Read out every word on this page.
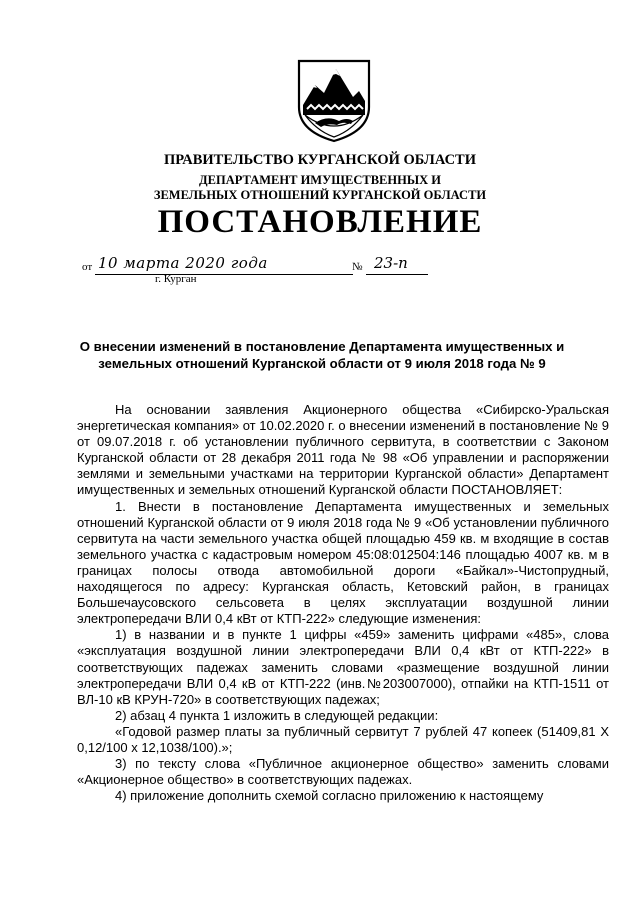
ПРАВИТЕЛЬСТВО КУРГАНСКОЙ ОБЛАСТИ
ДЕПАРТАМЕНТ ИМУЩЕСТВЕННЫХ И
ЗЕМЕЛЬНЫХ ОТНОШЕНИЙ КУРГАНСКОЙ ОБЛАСТИ
ПОСТАНОВЛЕНИЕ
от 10 марта 2020 года	№ 23-п
г. Курган
О внесении изменений в постановление Департамента имущественных и земельных отношений Курганской области от 9 июля 2018 года № 9

На основании заявления Акционерного общества «Сибирско-Уральская энергетическая компания» от 10.02.2020 г. о внесении изменений в постановление № 9 от 09.07.2018 г. об установлении публичного сервитута, в соответствии с Законом Курганской области от 28 декабря 2011 года № 98 «Об управлении и распоряжении землями и земельными участками на территории Курганской области» Департамент имущественных и земельных отношений Курганской области ПОСТАНОВЛЯЕТ:

1. Внести в постановление Департамента имущественных и земельных отношений Курганской области от 9 июля 2018 года № 9 «Об установлении публичного сервитута на части земельного участка общей площадью 459 кв. м входящие в состав земельного участка с кадастровым номером 45:08:012504:146 площадью 4007 кв. м в границах полосы отвода автомобильной дороги «Байкал»-Чистопрудный, находящегося по адресу: Курганская область, Кетовский район, в границах Большечаусовского сельсовета в целях эксплуатации воздушной линии электропередачи ВЛИ 0,4 кВт от КТП-222» следующие изменения:

1) в названии и в пункте 1 цифры «459» заменить цифрами «485», слова «эксплуатация воздушной линии электропередачи ВЛИ 0,4 кВт от КТП-222» в соответствующих падежах заменить словами «размещение воздушной линии электропередачи ВЛИ 0,4 кВ от КТП-222 (инв.№203007000), отпайки на КТП-1511 от ВЛ-10 кВ КРУН-720» в соответствующих падежах;

2) абзац 4 пункта 1 изложить в следующей редакции:

«Годовой размер платы за публичный сервитут 7 рублей 47 копеек (51409,81 Х 0,12/100 х 12,1038/100).»;

3) по тексту слова «Публичное акционерное общество» заменить словами «Акционерное общество» в соответствующих падежах.

4) приложение дополнить схемой согласно приложению к настоящему
